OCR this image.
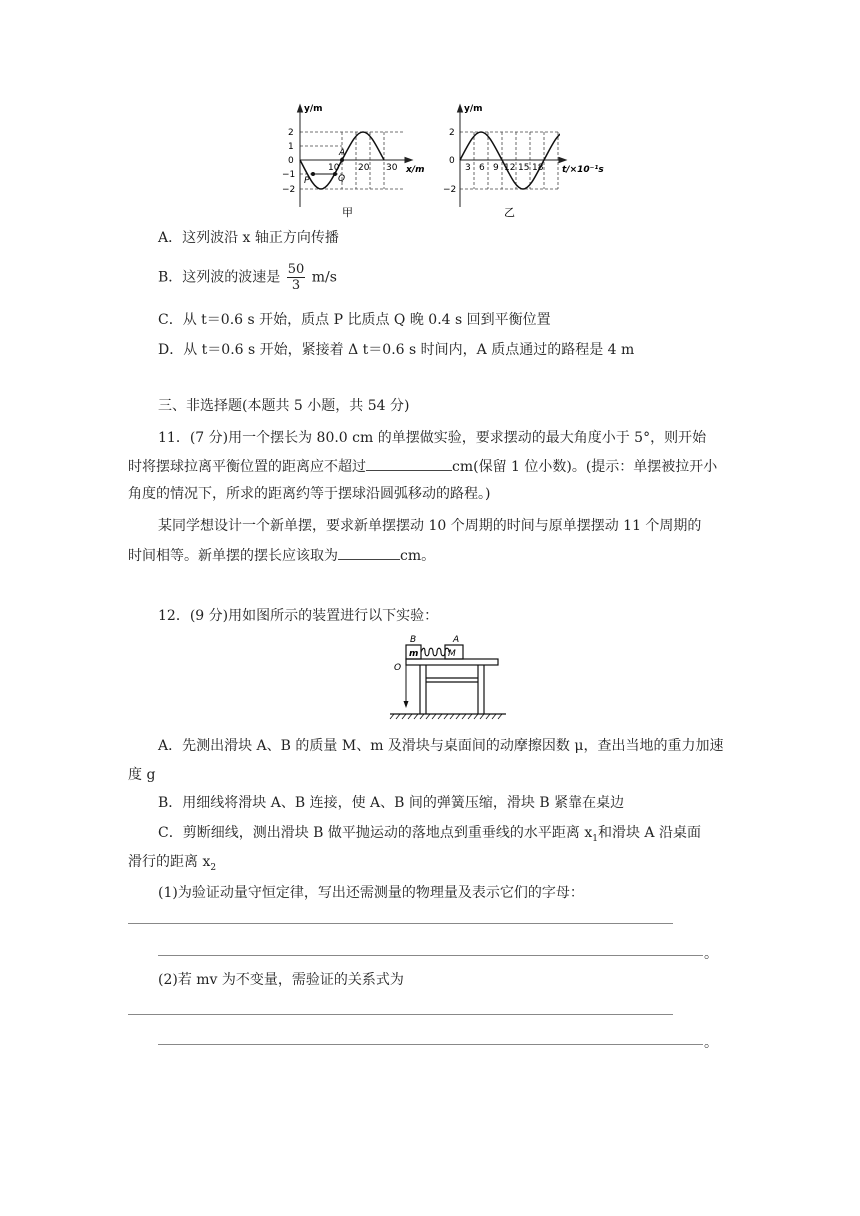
y/m
2
1
0
−1
−2
10 20 30 x/m
A
P	Q
甲
y/m
2
0
−2
3 6 9 12 15 18 t/×10⁻¹s
乙
A．这列波沿 x 轴正方向传播
B．这列波的波速是 $\frac{50}{3} m/s$
C．从 t＝0.6 s 开始，质点 P 比质点 Q 晚 0.4 s 回到平衡位置
D．从 t＝0.6 s 开始，紧接着 Δ t＝0.6 s 时间内，A 质点通过的路程是 4 m
三、非选择题(本题共 5 小题，共 54 分)
11．(7 分)用一个摆长为 80.0 cm 的单摆做实验，要求摆动的最大角度小于 5°，则开始
时将摆球拉离平衡位置的距离应不超过	cm(保留 1 位小数)。(提示：单摆被拉开小
角度的情况下，所求的距离约等于摆球沿圆弧移动的路程。)
某同学想设计一个新单摆，要求新单摆摆动 10 个周期的时间与原单摆摆动 11 个周期的
时间相等。新单摆的摆长应该取为	cm。
12．(9 分)用如图所示的装置进行以下实验：
B	A
m	M
O
A．先测出滑块 A、B 的质量 M、m 及滑块与桌面间的动摩擦因数 μ，查出当地的重力加速
度 g
B．用细线将滑块 A、B 连接，使 A、B 间的弹簧压缩，滑块 B 紧靠在桌边
C．剪断细线，测出滑块 B 做平抛运动的落地点到重垂线的水平距离 $x_1$和滑块 A 沿桌面
滑行的距离 $x_2$
(1)为验证动量守恒定律，写出还需测量的物理量及表示它们的字母：
。
(2)若 mv 为不变量，需验证的关系式为
。
